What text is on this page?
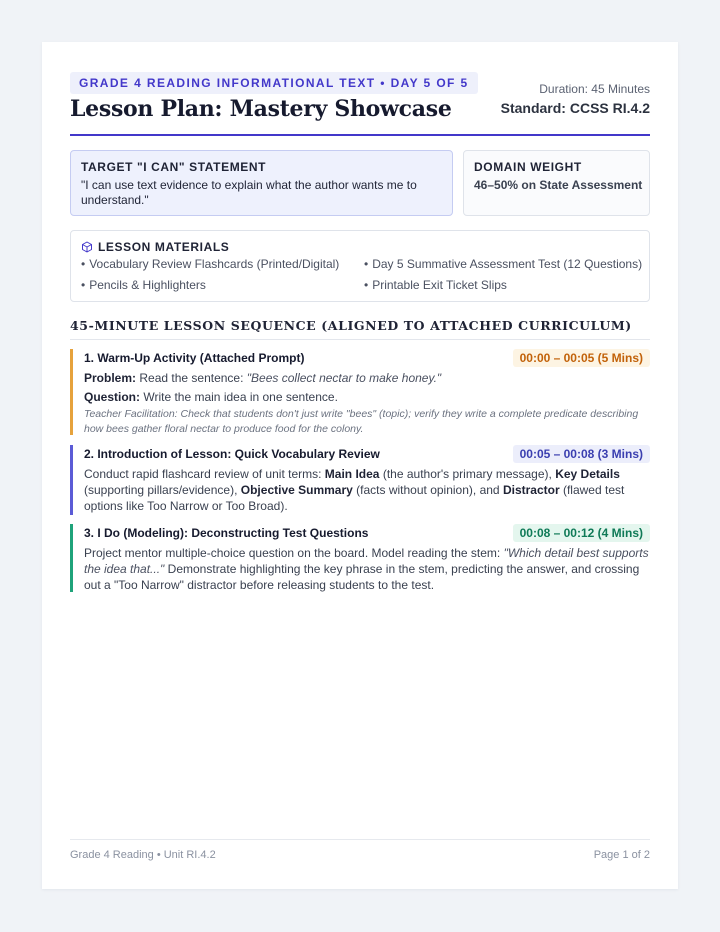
GRADE 4 READING INFORMATIONAL TEXT • DAY 5 OF 5
Lesson Plan: Mastery Showcase
Duration: 45 Minutes
Standard: CCSS RI.4.2
TARGET "I CAN" STATEMENT
"I can use text evidence to explain what the author wants me to understand."
DOMAIN WEIGHT
46–50% on State Assessment
LESSON MATERIALS
• Vocabulary Review Flashcards (Printed/Digital)	• Day 5 Summative Assessment Test (12 Questions)
• Pencils & Highlighters	• Printable Exit Ticket Slips
45-MINUTE LESSON SEQUENCE (ALIGNED TO ATTACHED CURRICULUM)
1. Warm-Up Activity (Attached Prompt)	00:00 – 00:05 (5 Mins)

Problem: Read the sentence: "Bees collect nectar to make honey."

Question: Write the main idea in one sentence.

Teacher Facilitation: Check that students don't just write "bees" (topic); verify they write a complete predicate describing how bees gather floral nectar to produce food for the colony.

2. Introduction of Lesson: Quick Vocabulary Review	00:05 – 00:08 (3 Mins)

Conduct rapid flashcard review of unit terms: Main Idea (the author's primary message), Key Details (supporting pillars/evidence), Objective Summary (facts without opinion), and Distractor (flawed test options like Too Narrow or Too Broad).

3. I Do (Modeling): Deconstructing Test Questions	00:08 – 00:12 (4 Mins)

Project mentor multiple-choice question on the board. Model reading the stem: "Which detail best supports the idea that..." Demonstrate highlighting the key phrase in the stem, predicting the answer, and crossing out a "Too Narrow" distractor before releasing students to the test.

Grade 4 Reading • Unit RI.4.2	Page 1 of 2
